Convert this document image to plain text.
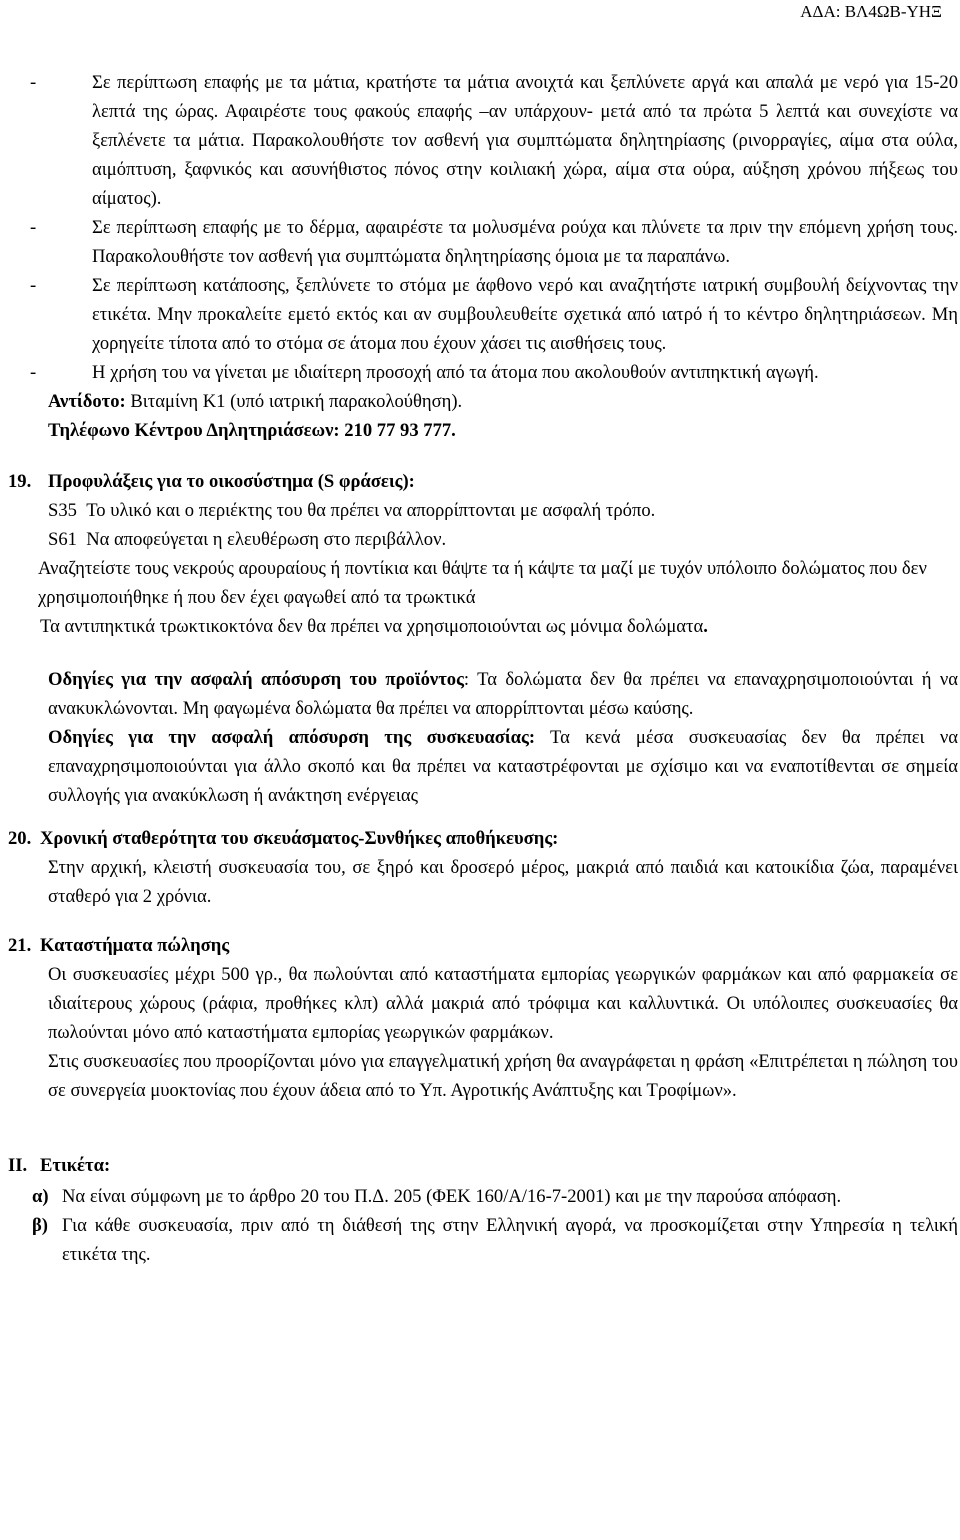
ΑΔΑ: ΒΛ4ΩΒ-ΥΗΞ
-	Σε περίπτωση επαφής με τα μάτια, κρατήστε τα μάτια ανοιχτά και ξεπλύνετε αργά και απαλά με νερό για 15-20 λεπτά της ώρας. Αφαιρέστε τους φακούς επαφής –αν υπάρχουν- μετά από τα πρώτα 5 λεπτά και συνεχίστε να ξεπλένετε τα μάτια. Παρακολουθήστε τον ασθενή για συμπτώματα δηλητηρίασης (ρινορραγίες, αίμα στα ούλα, αιμόπτυση, ξαφνικός και ασυνήθιστος πόνος στην κοιλιακή χώρα, αίμα στα ούρα, αύξηση χρόνου πήξεως του αίματος).

-	Σε περίπτωση επαφής με το δέρμα, αφαιρέστε τα μολυσμένα ρούχα και πλύνετε τα πριν την επόμενη χρήση τους. Παρακολουθήστε τον ασθενή για συμπτώματα δηλητηρίασης όμοια με τα παραπάνω.

-	Σε περίπτωση κατάποσης, ξεπλύνετε το στόμα με άφθονο νερό και αναζητήστε ιατρική συμβουλή δείχνοντας την ετικέτα. Μην προκαλείτε εμετό εκτός και αν συμβουλευθείτε σχετικά από ιατρό ή το κέντρο δηλητηριάσεων. Μη χορηγείτε τίποτα από το στόμα σε άτομα που έχουν χάσει τις αισθήσεις τους.

-	Η χρήση του να γίνεται με ιδιαίτερη προσοχή από τα άτομα που ακολουθούν αντιπηκτική αγωγή.

Αντίδοτο: Βιταμίνη Κ1 (υπό ιατρική παρακολούθηση).

Τηλέφωνο Κέντρου Δηλητηριάσεων: 210 77 93 777.

19. Προφυλάξεις για το οικοσύστημα (S φράσεις):

S35 Το υλικό και ο περιέκτης του θα πρέπει να απορρίπτονται με ασφαλή τρόπο.

S61 Να αποφεύγεται η ελευθέρωση στο περιβάλλον.

Αναζητείστε τους νεκρούς αρουραίους ή ποντίκια και θάψτε τα ή κάψτε τα μαζί με τυχόν υπόλοιπο δολώματος που δεν χρησιμοποιήθηκε ή που δεν έχει φαγωθεί από τα τρωκτικά

Τα αντιπηκτικά τρωκτικοκτόνα δεν θα πρέπει να χρησιμοποιούνται ως μόνιμα δολώματα.

Οδηγίες για την ασφαλή απόσυρση του προϊόντος: Τα δολώματα δεν θα πρέπει να επαναχρησιμοποιούνται ή να ανακυκλώνονται. Μη φαγωμένα δολώματα θα πρέπει να απορρίπτονται μέσω καύσης.

Οδηγίες για την ασφαλή απόσυρση της συσκευασίας: Τα κενά μέσα συσκευασίας δεν θα πρέπει να επαναχρησιμοποιούνται για άλλο σκοπό και θα πρέπει να καταστρέφονται με σχίσιμο και να εναποτίθενται σε σημεία συλλογής για ανακύκλωση ή ανάκτηση ενέργειας

20. Χρονική σταθερότητα του σκευάσματος-Συνθήκες αποθήκευσης:

Στην αρχική, κλειστή συσκευασία του, σε ξηρό και δροσερό μέρος, μακριά από παιδιά και κατοικίδια ζώα, παραμένει σταθερό για 2 χρόνια.

21. Καταστήματα πώλησης

Οι συσκευασίες μέχρι 500 γρ., θα πωλούνται από καταστήματα εμπορίας γεωργικών φαρμάκων και από φαρμακεία σε ιδιαίτερους χώρους (ράφια, προθήκες κλπ) αλλά μακριά από τρόφιμα και καλλυντικά. Οι υπόλοιπες συσκευασίες θα πωλούνται μόνο από καταστήματα εμπορίας γεωργικών φαρμάκων.

Στις συσκευασίες που προορίζονται μόνο για επαγγελματική χρήση θα αναγράφεται η φράση «Επιτρέπεται η πώληση του σε συνεργεία μυοκτονίας που έχουν άδεια από το Υπ. Αγροτικής Ανάπτυξης και Τροφίμων».

ΙΙ. Ετικέτα:

α) Να είναι σύμφωνη με το άρθρο 20 του Π.Δ. 205 (ΦΕΚ 160/Α/16-7-2001) και με την παρούσα απόφαση.

β) Για κάθε συσκευασία, πριν από τη διάθεσή της στην Ελληνική αγορά, να προσκομίζεται στην Υπηρεσία η τελική ετικέτα της.
